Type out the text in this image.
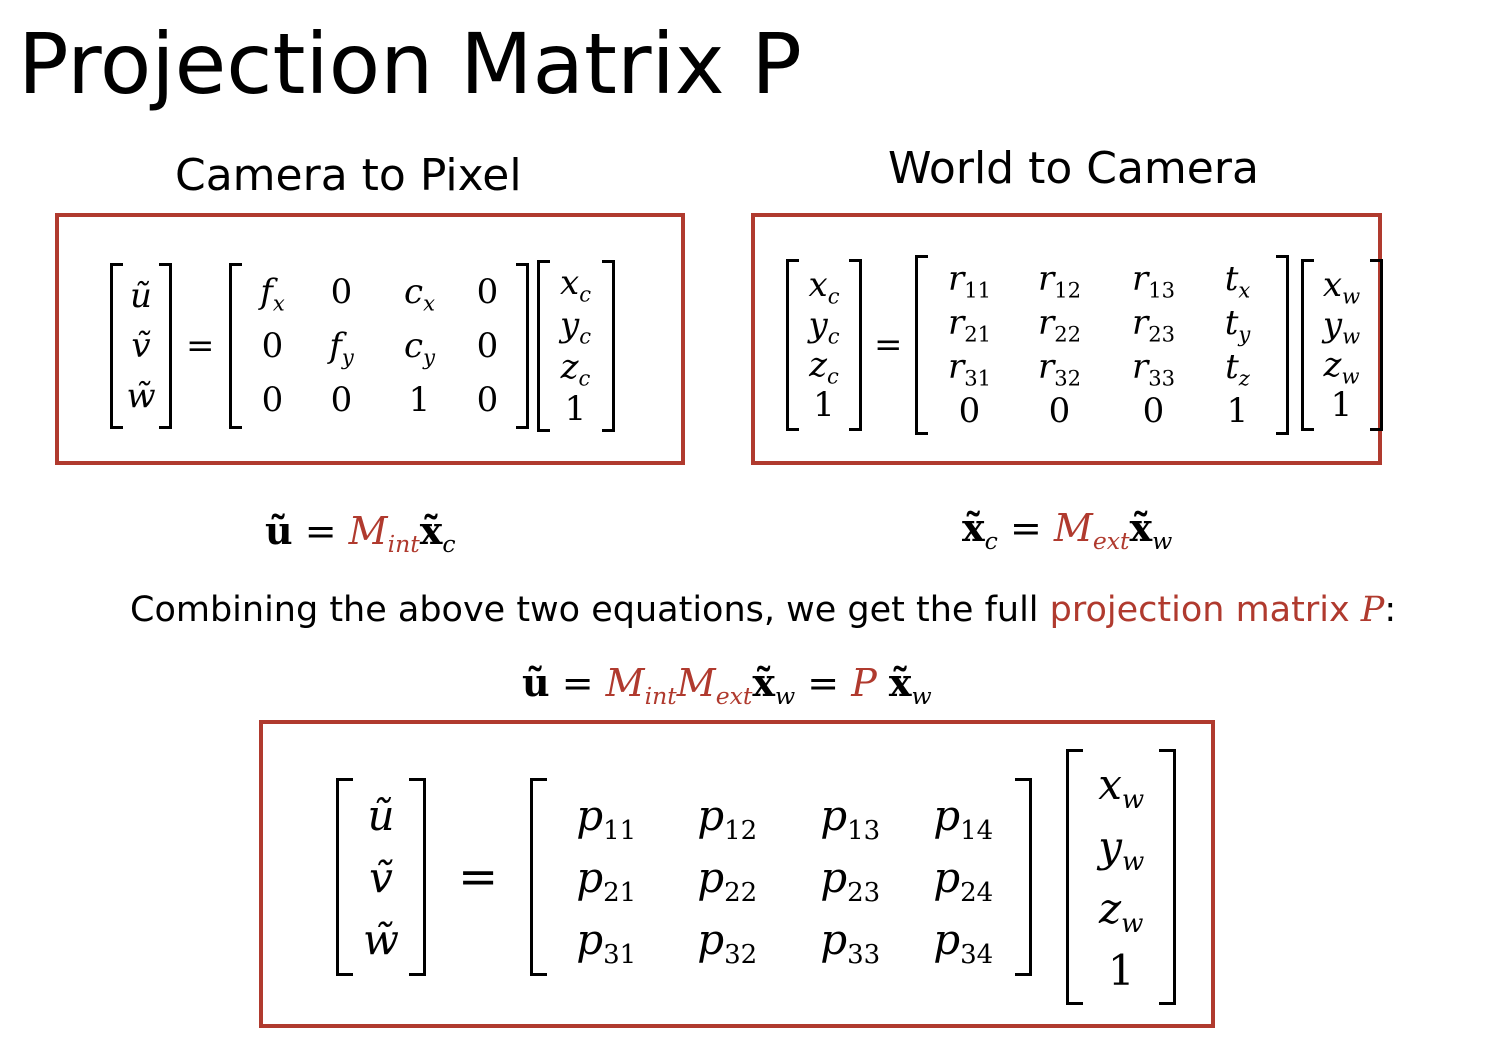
Projection Matrix P
Camera to Pixel	World to Camera
ũ
ṽ
w̃
=
$f_x$ 0 $c_x$ 0
0 $f_y$ $c_y$ 0
0 0 1 0
$x_c$
$y_c$
$z_c$
1
$x_c$
$y_c$
$z_c$
1
=
$r_{11}$ $r_{12}$ $r_{13}$ $t_x$
$r_{21}$ $r_{22}$ $r_{23}$ $t_y$
$r_{31}$ $r_{32}$ $r_{33}$ $t_z$
0 0 0 1
$x_w$
$y_w$
$z_w$
1
ũ = $M_{int}x̃_c$	$x̃_c$ = $M_{ext}x̃_w$
Combining the above two equations, we get the full projection matrix P:
ũ = $M_{int}M_{ext}x̃_w = P$ $x̃_w$
ũ
ṽ
w̃
=
$p_{11}$ $p_{12}$ $p_{13}$ $p_{14}$
$p_{21}$ $p_{22}$ $p_{23}$ $p_{24}$
$p_{31}$ $p_{32}$ $p_{33}$ $p_{34}$
$x_w$
$y_w$
$z_w$
1
